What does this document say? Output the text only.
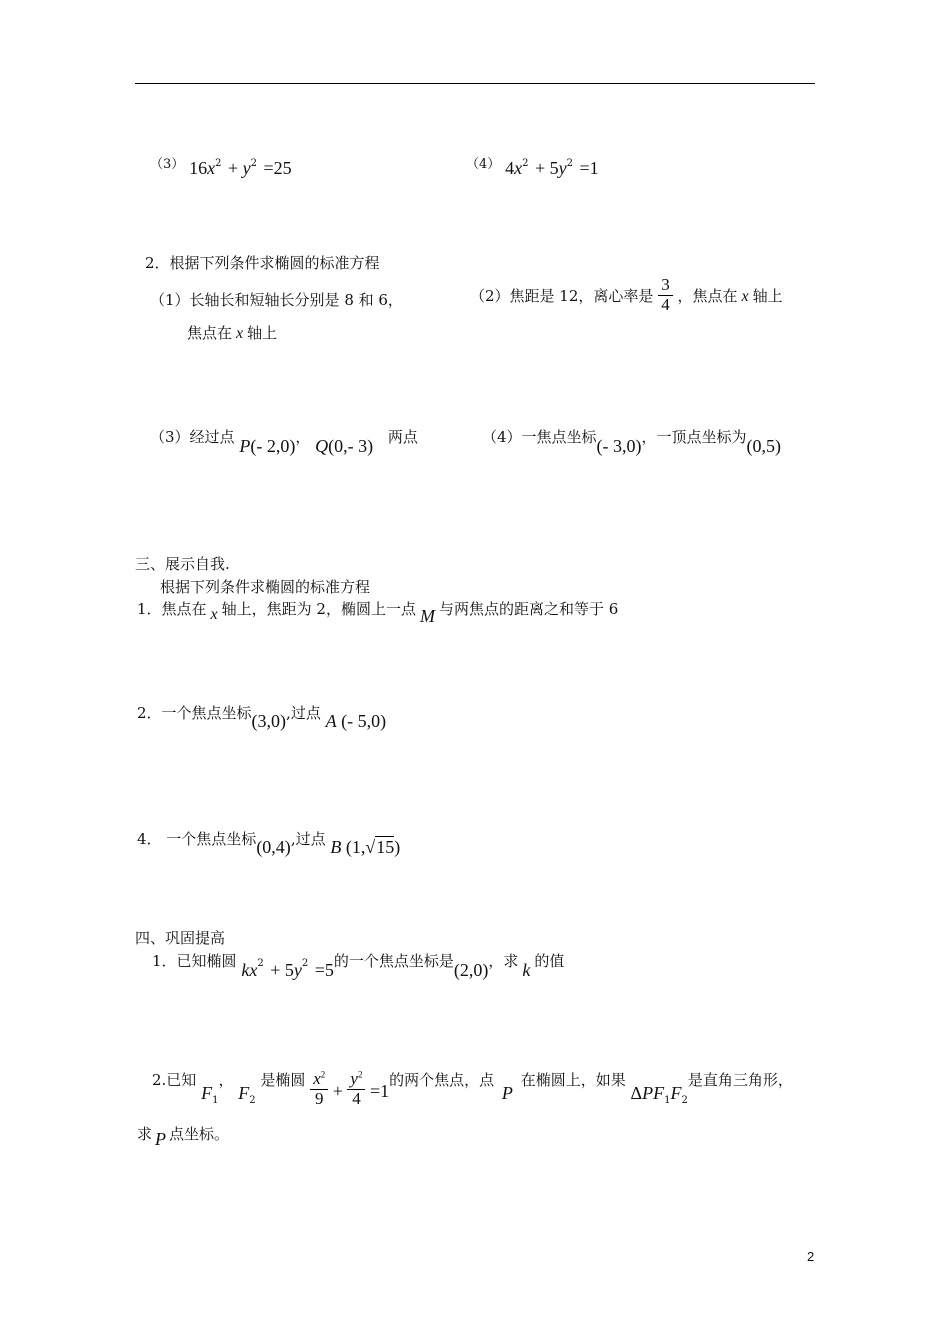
（3） $16x^2 + y^2 =25$	（4） $4x^2 + 5y^2 =1$
2．根据下列条件求椭圆的标准方程
（1）长轴长和短轴长分别是 8 和 6，
焦点在 x 轴上
（2）焦距是 12，离心率是 $\frac{3}{4}$ ，焦点在 x 轴上
（3）经过点 P(- 2,0)， Q(0,- 3) 两点	（4）一焦点坐标(- 3,0)，一顶点坐标为(0,5)
三、展示自我.
根据下列条件求椭圆的标准方程
1．焦点在 x 轴上，焦距为 2，椭圆上一点 M 与两焦点的距离之和等于 6
2．一个焦点坐标(3,0),过点 A (- 5,0)
4． 一个焦点坐标(0,4),过点 B (1,√15)
四、巩固提高
1．已知椭圆 kx2 + 5y2 =5的一个焦点坐标是(2,0)，求 k 的值
2.已知 $F_1$， $F_2$ 是椭圆 $\frac{x^2}{9} + \frac{y^2}{4} =1$的两个焦点，点 P 在椭圆上，如果 $\Delta PF_1F_2$是直角三角形，
求 P 点坐标。
2
